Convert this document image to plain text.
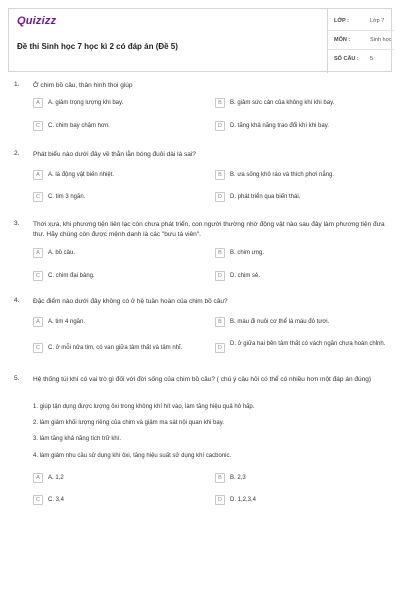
Quizizz
Đề thi Sinh học 7 học kì 2 có đáp án (Đề 5)
LỚP :	Lớp 7
MÔN :	Sinh học
SỐ CÂU : 5
1. Ở chim bồ câu, thân hình thoi giúp
A	A. giảm trọng lượng khi bay.	B	B. giảm sức cản của không khí khi bay.
C	C. chim bay chậm hơn.	D	D. tăng khả năng trao đổi khí khi bay.
2. Phát biểu nào dưới đây về thằn lằn bóng đuôi dài là sai?
A	A. là động vật biến nhiệt.	B	B. ưa sống khô ráo và thích phơi nắng.
C	C. tim 3 ngăn.	D	D. phát triển qua biến thái.
3. Thời xưa, khi phương tiện liên lạc còn chưa phát triển, con người thường nhờ động vật nào sau đây làm phương tiện đưa thư. Hãy chúng còn được mệnh danh là các "bưu tá viên".
A	A. bồ câu.	B	B. chim ưng.
C	C. chim đại bàng.	D	D. chim sẻ.
4. Đặc điểm nào dưới đây không có ở hệ tuần hoàn của chim bồ câu?
A	A. tim 4 ngăn.	B	B. máu đi nuôi cơ thể là máu đỏ tươi.
C	C. ở mỗi nửa tim, có van giữa tâm thất và tâm nhĩ.	D
D. ở giữa hai bên tâm thất có vách ngăn chưa hoàn chỉnh.
5. Hệ thống túi khí có vai trò gì đối với đời sống của chim bồ câu? ( chú ý câu hỏi có thể có nhiều hơn một đáp án đúng)
1. giúp tận dụng được lượng ôxi trong không khí hít vào, làm tăng hiệu quả hô hấp.
2. làm giảm khối lượng riêng của chim và giảm ma sát nội quan khi bay.
3. làm tăng khả năng tích trữ khí.
4. làm giảm nhu cầu sử dụng khí ôxi, tăng hiệu suất sử dụng khí cacbonic.
A	A. 1,2	B	B. 2,3
C	C. 3,4	D	D. 1,2,3,4
